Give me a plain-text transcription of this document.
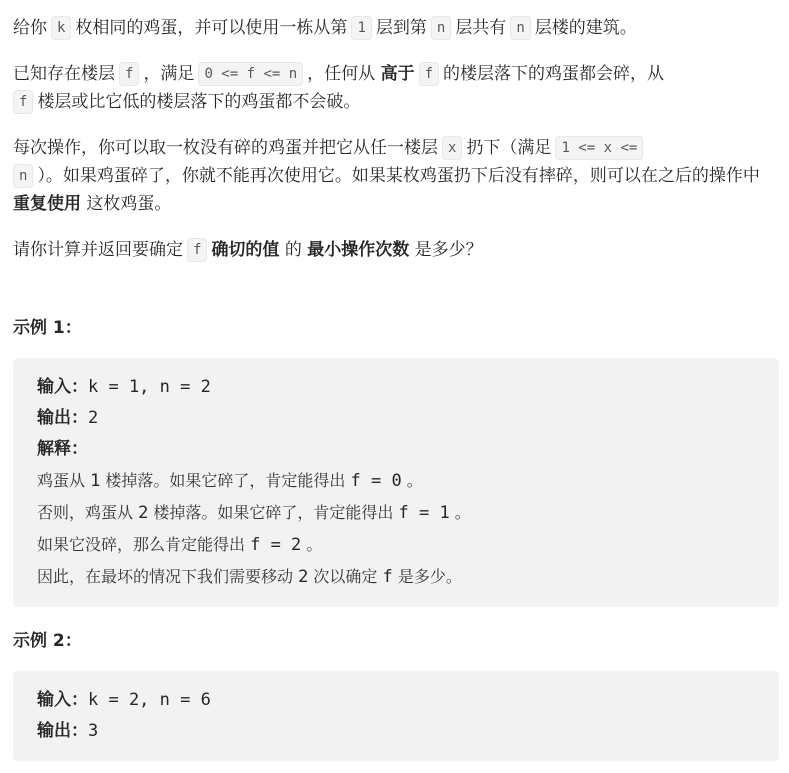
给你 k 枚相同的鸡蛋，并可以使用一栋从第 1 层到第 n 层共有 n 层楼的建筑。

已知存在楼层 f ，满足 0 <= f <= n ，任何从 高于 f 的楼层落下的鸡蛋都会碎，从
f 楼层或比它低的楼层落下的鸡蛋都不会破。

每次操作，你可以取一枚没有碎的鸡蛋并把它从任一楼层 x 扔下（满足 1 <= x <=
n ）。如果鸡蛋碎了，你就不能再次使用它。如果某枚鸡蛋扔下后没有摔碎，则可以在之后的操作中 重复使用 这枚鸡蛋。

请你计算并返回要确定 f 确切的值 的 最小操作次数 是多少？

示例 1：
输入：k = 1, n = 2
输出：2
解释：
鸡蛋从 1 楼掉落。如果它碎了，肯定能得出 f = 0 。
否则，鸡蛋从 2 楼掉落。如果它碎了，肯定能得出 f = 1 。
如果它没碎，那么肯定能得出 f = 2 。
因此，在最坏的情况下我们需要移动 2 次以确定 f 是多少。
示例 2：
输入：k = 2, n = 6
输出：3
